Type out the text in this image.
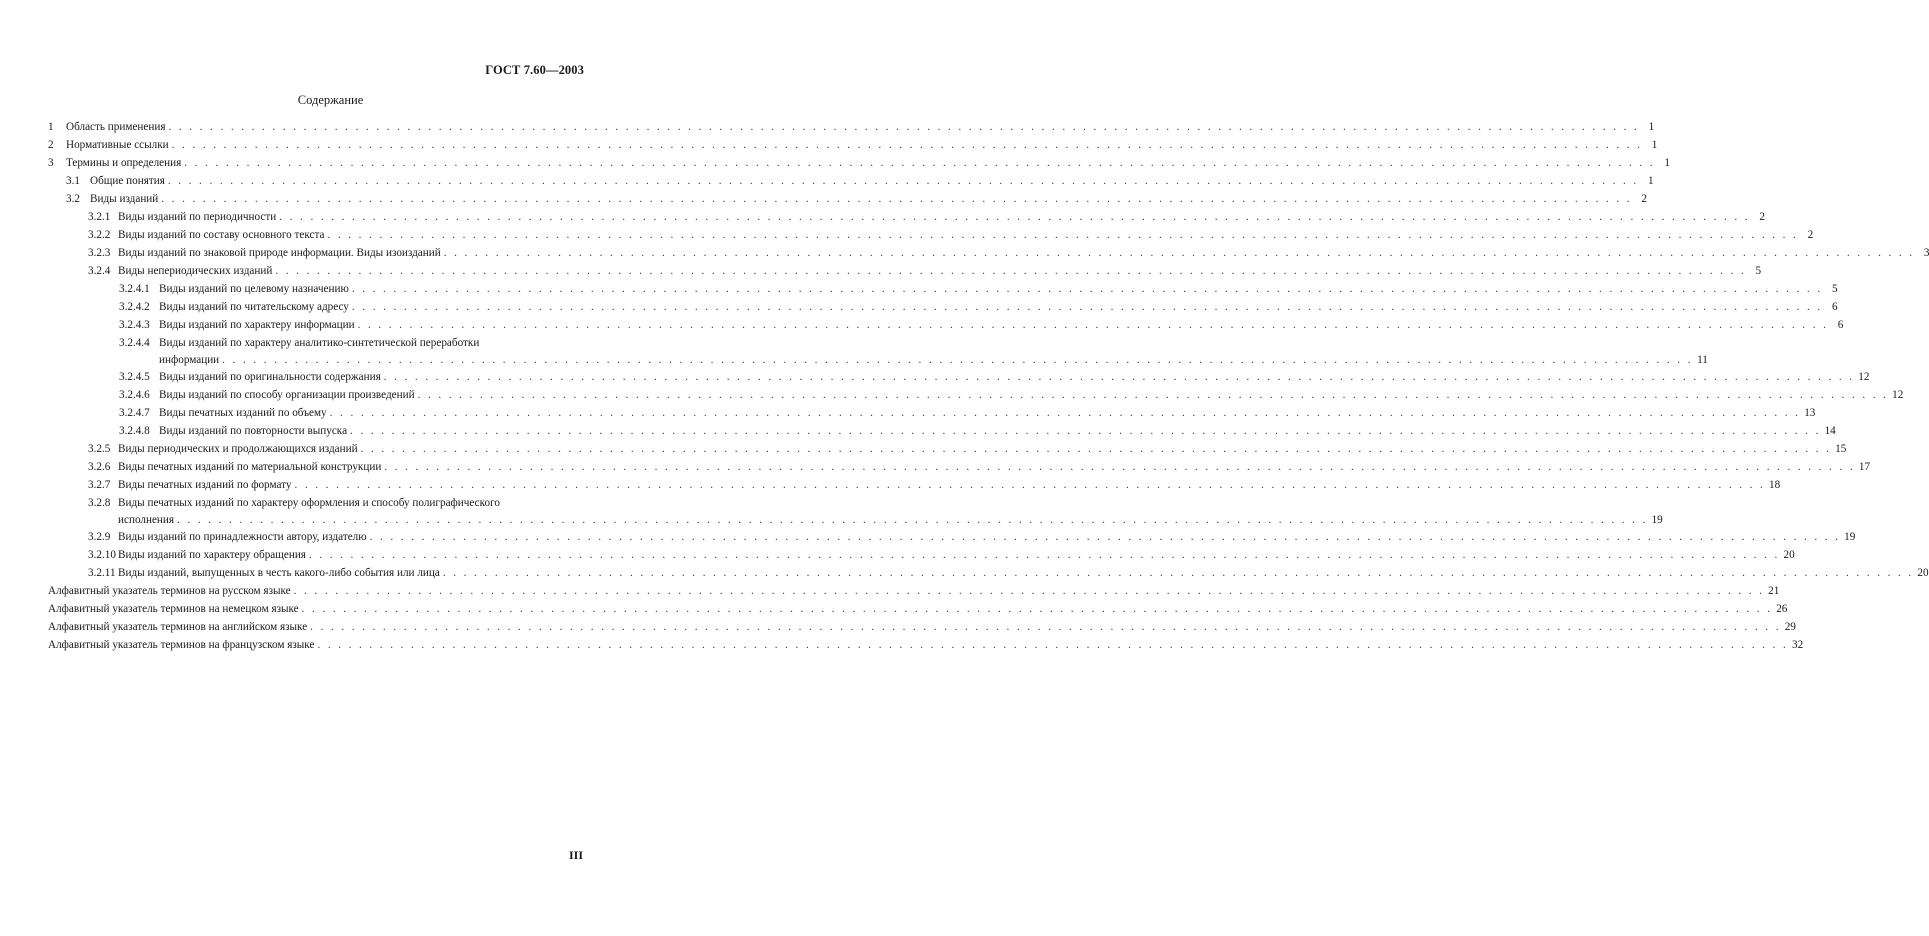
ГОСТ 7.60—2003
Содержание
1	Область применения . . .	1
2	Нормативные ссылки . . .	1
3	Термины и определения . . .	1
3.1 Общие понятия . . .	1
3.2 Виды изданий . . .	2
3.2.1 Виды изданий по периодичности . . .	2
3.2.2 Виды изданий по составу основного текста . . .	2
3.2.3 Виды изданий по знаковой природе информации. Виды изоизданий . . .	3
3.2.4 Виды непериодических изданий . . .	5
3.2.4.1 Виды изданий по целевому назначению . . .	5
3.2.4.2 Виды изданий по читательскому адресу . . .	6
3.2.4.3 Виды изданий по характеру информации . . .	6
3.2.4.4 Виды изданий по характеру аналитико-синтетической переработки
информации . . .	11
3.2.4.5 Виды изданий по оригинальности содержания . . .	12
3.2.4.6 Виды изданий по способу организации произведений . . .	12
3.2.4.7 Виды печатных изданий по объему . . .	13
3.2.4.8 Виды изданий по повторности выпуска . . .	14
3.2.5 Виды периодических и продолжающихся изданий . . .	15
3.2.6 Виды печатных изданий по материальной конструкции . . .	17
3.2.7 Виды печатных изданий по формату . . .	18
3.2.8 Виды печатных изданий по характеру оформления и способу полиграфического
исполнения . . .	19
3.2.9 Виды изданий по принадлежности автору, издателю . . .	19
3.2.10 Виды изданий по характеру обращения . . .	20
3.2.11 Виды изданий, выпущенных в честь какого-либо события или лица . . .	20
Алфавитный указатель терминов на русском языке . . .	21
Алфавитный указатель терминов на немецком языке . . .	26
Алфавитный указатель терминов на английском языке . . .	29
Алфавитный указатель терминов на французском языке . . .	32
III
